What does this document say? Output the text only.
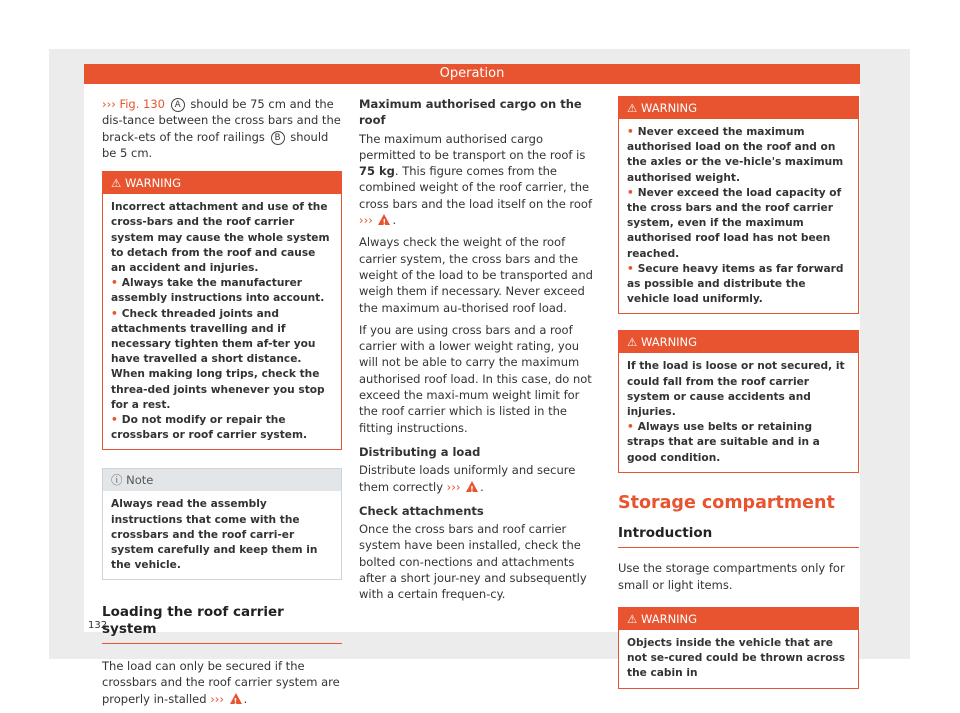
Operation

››› Fig. 130 A should be 75 cm and the dis-tance between the cross bars and the brack-ets of the roof railings B should be 5 cm.

⚠ WARNING
Incorrect attachment and use of the cross-bars and the roof carrier system may cause the whole system to detach from the roof and cause an accident and injuries.
• Always take the manufacturer assembly instructions into account.
• Check threaded joints and attachments travelling and if necessary tighten them af-ter you have travelled a short distance. When making long trips, check the threa-ded joints whenever you stop for a rest.
• Do not modify or repair the crossbars or roof carrier system.
ⓘ Note
Always read the assembly instructions that come with the crossbars and the roof carri-er system carefully and keep them in the vehicle.
Loading the roof carrier system

The load can only be secured if the crossbars and the roof carrier system are properly in-stalled ››› ! .

Maximum authorised cargo on the roof

The maximum authorised cargo permitted to be transport on the roof is 75 kg. This figure comes from the combined weight of the roof carrier, the cross bars and the load itself on the roof ››› ! .

Always check the weight of the roof carrier system, the cross bars and the weight of the load to be transported and weigh them if necessary. Never exceed the maximum au-thorised roof load.

If you are using cross bars and a roof carrier with a lower weight rating, you will not be able to carry the maximum authorised roof load. In this case, do not exceed the maxi-mum weight limit for the roof carrier which is listed in the fitting instructions.

Distributing a load

Distribute loads uniformly and secure them correctly ››› ! .

Check attachments

Once the cross bars and roof carrier system have been installed, check the bolted con-nections and attachments after a short jour-ney and subsequently with a certain frequen-cy.

⚠ WARNING
• Never exceed the maximum authorised load on the roof and on the axles or the ve-hicle's maximum authorised weight.
• Never exceed the load capacity of the cross bars and the roof carrier system, even if the maximum authorised roof load has not been reached.
• Secure heavy items as far forward as possible and distribute the vehicle load uniformly.
⚠ WARNING
If the load is loose or not secured, it could fall from the roof carrier system or cause accidents and injuries.
• Always use belts or retaining straps that are suitable and in a good condition.
Storage compartment
Introduction

Use the storage compartments only for small or light items.

⚠ WARNING
Objects inside the vehicle that are not se-cured could be thrown across the cabin in
132
